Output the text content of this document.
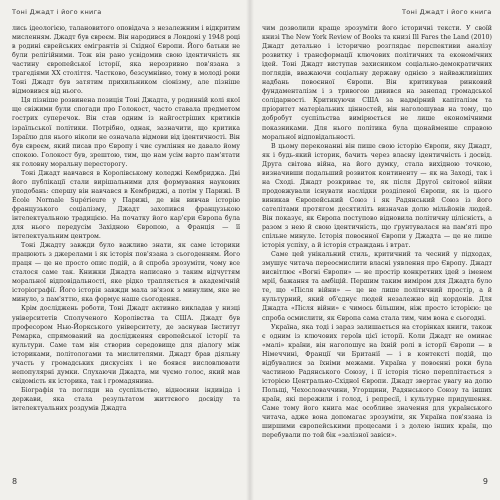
Тоні Джадт і його книга

лись ідеологією, талановитого оповідача з незалежним і відкритим мисленням. Джадт був євреєм. Він народився в Лондоні у 1948 році в родині єврейських емігрантів зі Східної Європи. Його батьки не були релігійними. Тож він рано усвідомив свою ідентичність як частину європейської історії, яка нерозривно пов'язана з трагедіями ХХ століття. Частково, безсумнівно, тому в молоді роки Тоні Джадт був затятим прихильником сіонізму, але пізніше відмовився від нього.

Ця пізніше розвинена позиція Тоні Джадта, у родинній колі якої ще свіжими були спогади про Голокост, часто ставала предметом гострих суперечок. Він став одним із найгостріших критиків ізраїльської політики. Потрібно, однак, зазначити, що критика Ізраїлю для нього ніколи не означала відмови від ідентичності. Він був євреєм, який писав про Європу і чиє сумління не давало йому спокою. Голокост був, зрештою, тим, що нам усім варто пам'ятати як головну моральну пересторогу.

Тоні Джадт навчався в Королівському коледжі Кембриджа. Дві його публікації стали вирішальними для формування наукових уподобань: спершу він навчався в Кембриджі, а потім у Парижі. В École Normale Supérieure у Парижі, де він вивчав історію французького соціалізму, Джадт захопився французькою інтелектуальною традицією. На початку його кар'єри Європа була для нього передусім Західною Європою, а Франція — її інтелектуальним центром.

Тоні Джадту завжди було важливо знати, як саме історики працюють з джерелами і як історія пов'язана з сьогоденням. Його праця — це не просто опис подій, а й спроба зрозуміти, чому все сталося саме так. Книжки Джадта написано з таким відчуттям моральної відповідальності, яке рідко трапляється в академічній історіографії. Його історія завжди мала зв'язок з минулим, яке не минуло, з пам'яттю, яка формує наше сьогодення.

Крім досліджень роботи, Тоні Джадт активно викладав у низці університетів Сполученого Королівства та США. Джадт був професором Нью-Йоркського університету, де заснував Інститут Ремарка, спрямований на дослідження європейської історії та культури. Саме там він створив середовище для діалогу між істориками, політологами та мислителями. Джадт брав діяльну участь у громадських дискусіях і не боявся висловлювати непопулярні думки. Слухаючи Джадта, ми чуємо голос, який мав свідомість як історика, так і громадянина.

Біографія та погляди на суспільство, відносини індивіда і держави, яка стала результатом життєвого досвіду та інтелектуальних роздумів Джадта

8
Тоні Джадт і його книга

чим дозволили краще зрозуміти його історичні тексти. У своїй книзі The New York Review of Books та книзі Ill Fares the Land (2010) Джадт детально і історично розглядає перспективи аналізу розвитку і трансформації ключових політичних та економічних ідей. Тоні Джадт виступав захисником соціально-демократичних поглядів, вважаючи соціальну державу однією з найважливіших надбань повоєнної Європи. Він критикував ринковий фундаменталізм і з тривогою дивився на занепад громадської солідарності. Критикуючи США за надмірний капіталізм та пріоритет матеріальних цінностей, він наголошував на тому, що добробут суспільства вимірюється не лише економічними показниками. Для нього політика була щонайменше справою моральної відповідальності.

В цьому переконанні він пише свою історію Європи, яку Джадт, як і будь-який історик, бачить через власну ідентичність і досвід. Друга світова війна, на його думку, стала вихідною точкою, визначивши подальший розвиток континенту — як на Заході, так і на Сході. Джадт розкриває те, як після Другої світової війни продовжували існувати наслідки розділеної Європи, як із цього виникав Європейський Союз і як Радянський Союз із його сателітами протягом десятиліть визначав долю мільйонів людей. Він показує, як Європа поступово відновила політичну цілісність, а разом з нею й свою ідентичність, що ґрунтувалася на пам'яті про спільне минуле. Історія повоєнної Європи у Джадта — це не лише історія успіху, а й історія страждань і втрат.

Саме цей унікальний стиль, критичний та чесний у підходах, змушує читача переосмислити власні уявлення про Європу. Джадт висвітлює «Вогні Європи» — не простір конкретних ідей з іменем мрії, бажання та амбіцій. Першим таким виміром для Джадта було те, що «Після війни» — це не лише політичний простір, а й культурний, який об'єднує людей незалежно від кордонів. Для Джадта «Після війни» є чимось більшим, ніж просто історією: це спроба осмислити, як Європа сама стала тим, чим вона є сьогодні.

Україна, яка тоді і зараз залишається на сторінках книги, також є одним із ключових героїв цієї історії. Коли Джадт не оминає «малі» країни, він наголошує на їхній ролі в історії Європи — в Німеччині, Франції чи Британії — і в контексті подій, що відбувалися за їхніми межами. Україна у повоєнні роки була частиною Радянського Союзу, і її історія тісно переплітається з історією Центрально-Східної Європи. Джадт звертає увагу на долю Польщі, Чехословаччини, Угорщини, Радянського Союзу та інших країн, які пережили і голод, і репресії, і культурне придушення. Саме тому його книга має особливе значення для українського читача, адже вона допомагає зрозуміти, як Україна пов'язана із ширшими європейськими процесами і з долею інших країн, що перебували по той бік «залізної завіси».

9
